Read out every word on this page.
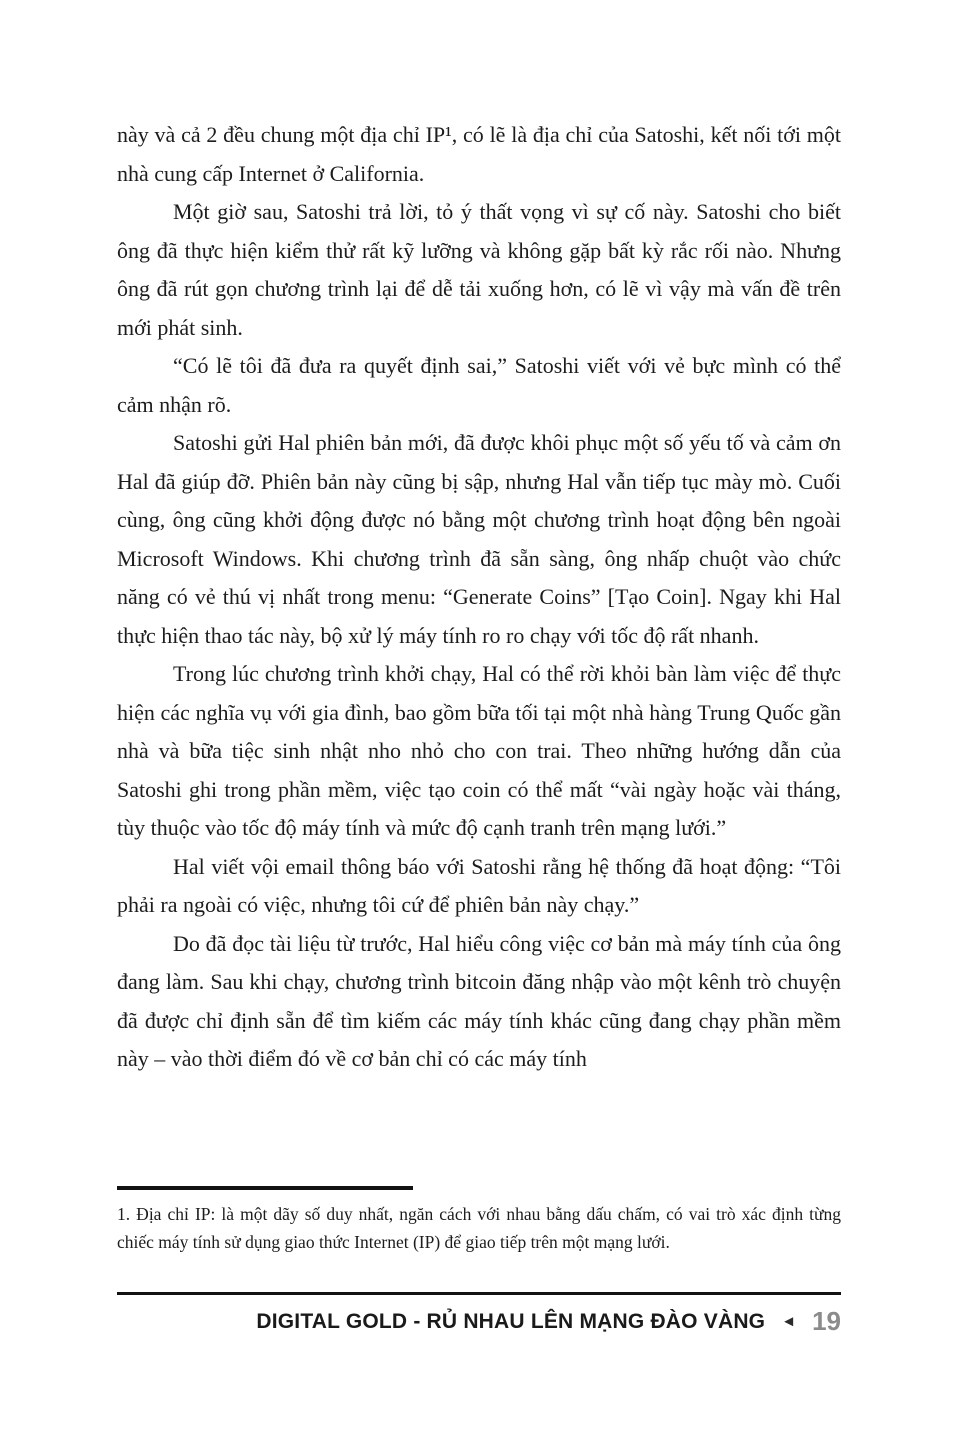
này và cả 2 đều chung một địa chỉ IP¹, có lẽ là địa chỉ của Satoshi, kết nối tới một nhà cung cấp Internet ở California.

Một giờ sau, Satoshi trả lời, tỏ ý thất vọng vì sự cố này. Satoshi cho biết ông đã thực hiện kiểm thử rất kỹ lưỡng và không gặp bất kỳ rắc rối nào. Nhưng ông đã rút gọn chương trình lại để dễ tải xuống hơn, có lẽ vì vậy mà vấn đề trên mới phát sinh.

“Có lẽ tôi đã đưa ra quyết định sai,” Satoshi viết với vẻ bực mình có thể cảm nhận rõ.

Satoshi gửi Hal phiên bản mới, đã được khôi phục một số yếu tố và cảm ơn Hal đã giúp đỡ. Phiên bản này cũng bị sập, nhưng Hal vẫn tiếp tục mày mò. Cuối cùng, ông cũng khởi động được nó bằng một chương trình hoạt động bên ngoài Microsoft Windows. Khi chương trình đã sẵn sàng, ông nhấp chuột vào chức năng có vẻ thú vị nhất trong menu: “Generate Coins” [Tạo Coin]. Ngay khi Hal thực hiện thao tác này, bộ xử lý máy tính ro ro chạy với tốc độ rất nhanh.

Trong lúc chương trình khởi chạy, Hal có thể rời khỏi bàn làm việc để thực hiện các nghĩa vụ với gia đình, bao gồm bữa tối tại một nhà hàng Trung Quốc gần nhà và bữa tiệc sinh nhật nho nhỏ cho con trai. Theo những hướng dẫn của Satoshi ghi trong phần mềm, việc tạo coin có thể mất “vài ngày hoặc vài tháng, tùy thuộc vào tốc độ máy tính và mức độ cạnh tranh trên mạng lưới.”

Hal viết vội email thông báo với Satoshi rằng hệ thống đã hoạt động: “Tôi phải ra ngoài có việc, nhưng tôi cứ để phiên bản này chạy.”

Do đã đọc tài liệu từ trước, Hal hiểu công việc cơ bản mà máy tính của ông đang làm. Sau khi chạy, chương trình bitcoin đăng nhập vào một kênh trò chuyện đã được chỉ định sẵn để tìm kiếm các máy tính khác cũng đang chạy phần mềm này – vào thời điểm đó về cơ bản chỉ có các máy tính

1. Địa chỉ IP: là một dãy số duy nhất, ngăn cách với nhau bằng dấu chấm, có vai trò xác định từng chiếc máy tính sử dụng giao thức Internet (IP) để giao tiếp trên một mạng lưới.
DIGITAL GOLD - RỦ NHAU LÊN MẠNG ĐÀO VÀNG ◄ 19
